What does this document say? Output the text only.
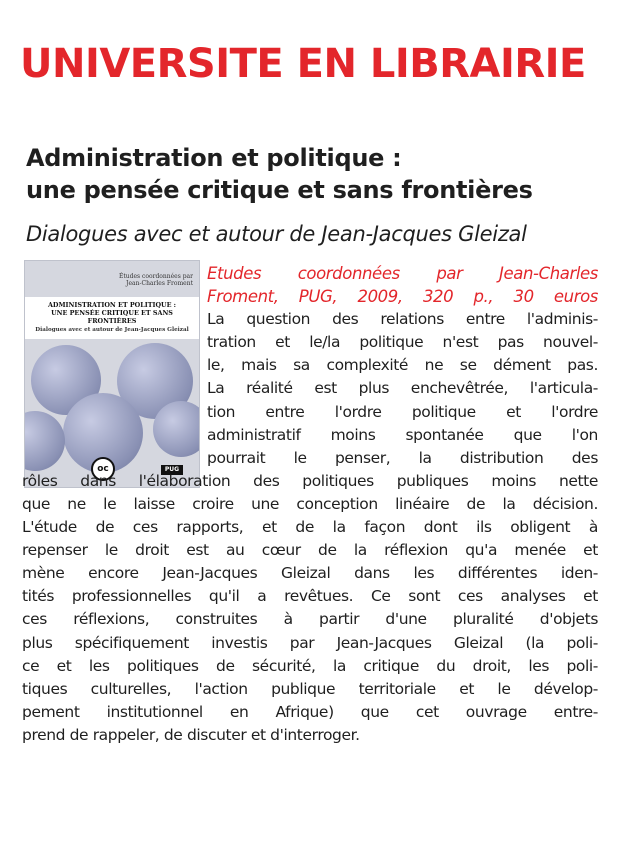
UNIVERSITE EN LIBRAIRIE
Administration et politique :
une pensée critique et sans frontières
Dialogues avec et autour de Jean-Jacques Gleizal
Études coordonnées par
Jean-Charles Froment
ADMINISTRATION ET POLITIQUE :
UNE PENSÉE CRITIQUE ET SANS FRONTIÈRES
Dialogues avec et autour de Jean-Jacques Gleizal
oc	PUG
Etudes coordonnées par Jean-Charles
Froment, PUG, 2009, 320 p., 30 euros
La question des relations entre l'adminis-
tration et le/la politique n'est pas nouvel-
le, mais sa complexité ne se dément pas.
La réalité est plus enchevêtrée, l'articula-
tion entre l'ordre politique et l'ordre
administratif moins spontanée que l'on
pourrait le penser, la distribution des
rôles dans l'élaboration des politiques publiques moins nette
que ne le laisse croire une conception linéaire de la décision.
L'étude de ces rapports, et de la façon dont ils obligent à
repenser le droit est au cœur de la réflexion qu'a menée et
mène encore Jean-Jacques Gleizal dans les différentes iden-
tités professionnelles qu'il a revêtues. Ce sont ces analyses et
ces réflexions, construites à partir d'une pluralité d'objets
plus spécifiquement investis par Jean-Jacques Gleizal (la poli-
ce et les politiques de sécurité, la critique du droit, les poli-
tiques culturelles, l'action publique territoriale et le dévelop-
pement institutionnel en Afrique) que cet ouvrage entre-
prend de rappeler, de discuter et d'interroger.
